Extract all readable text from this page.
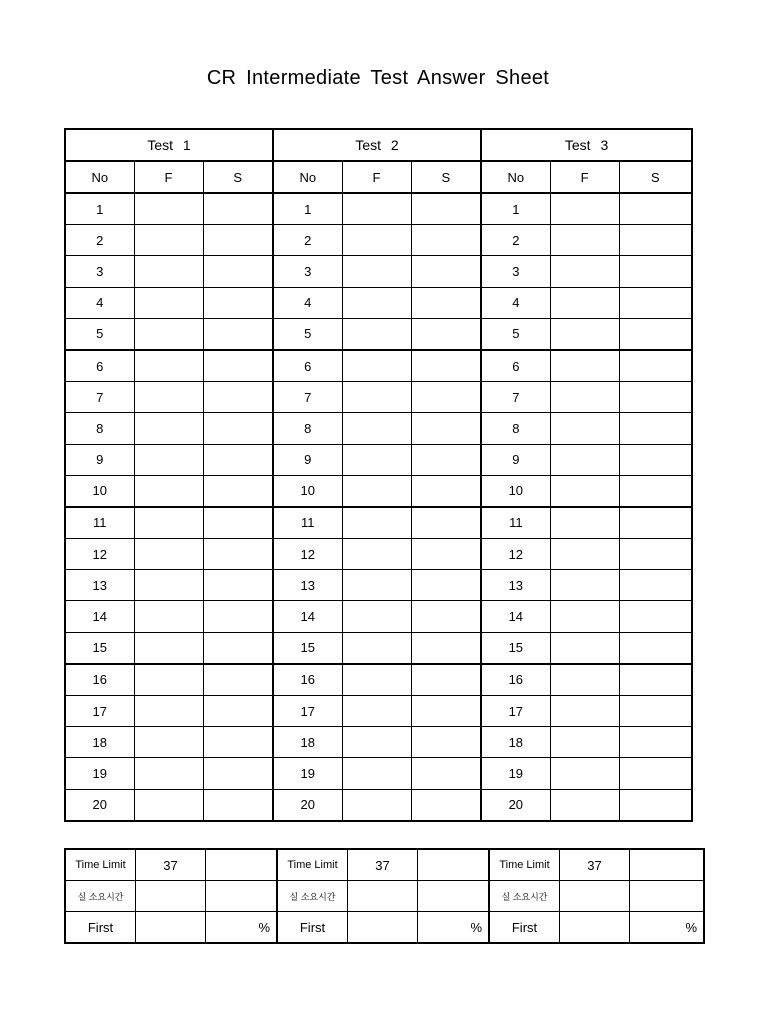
CR Intermediate Test Answer Sheet
Test 1			Test 2			Test 3		
No	F	S	No	F	S	No	F	S
1			1			1		
2			2			2		
3			3			3		
4			4			4		
5			5			5		
6			6			6		
7			7			7		
8			8			8		
9			9			9		
10			10			10		
11			11			11		
12			12			12		
13			13			13		
14			14			14		
15			15			15		
16			16			16		
17			17			17		
18			18			18		
19			19			19		
20			20			20		
Time Limit	37		Time Limit	37		Time Limit	37	
실 소요시간			실 소요시간			실 소요시간		
First		%	First		%	First		%
